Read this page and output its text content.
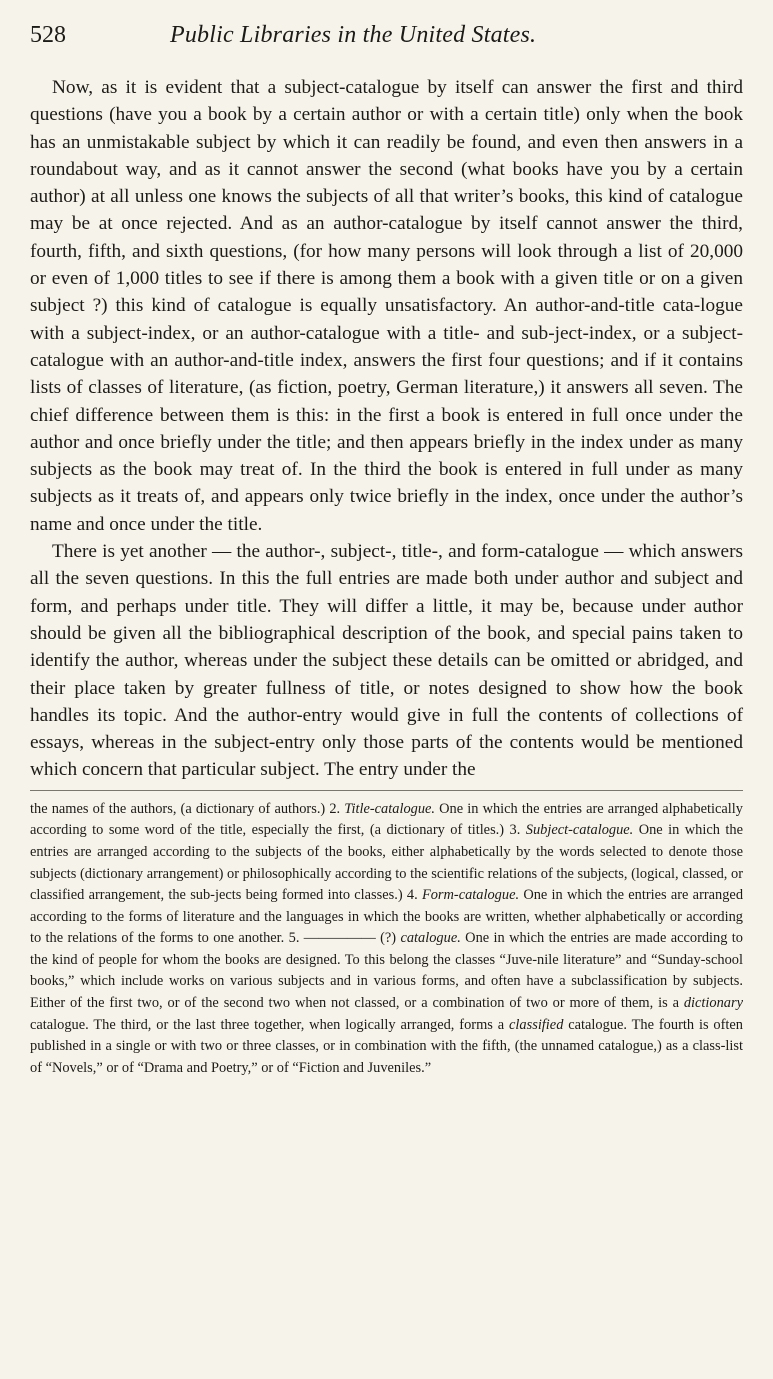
528	Public Libraries in the United States.

Now, as it is evident that a subject-catalogue by itself can answer the first and third questions (have you a book by a certain author or with a certain title) only when the book has an unmistakable subject by which it can readily be found, and even then answers in a roundabout way, and as it cannot answer the second (what books have you by a certain author) at all unless one knows the subjects of all that writer’s books, this kind of catalogue may be at once rejected. And as an author-catalogue by itself cannot answer the third, fourth, fifth, and sixth questions, (for how many persons will look through a list of 20,000 or even of 1,000 titles to see if there is among them a book with a given title or on a given subject ?) this kind of catalogue is equally unsatisfactory. An author-and-title cata-logue with a subject-index, or an author-catalogue with a title- and sub-ject-index, or a subject-catalogue with an author-and-title index, answers the first four questions; and if it contains lists of classes of literature, (as fiction, poetry, German literature,) it answers all seven. The chief difference between them is this: in the first a book is entered in full once under the author and once briefly under the title; and then appears briefly in the index under as many subjects as the book may treat of. In the third the book is entered in full under as many subjects as it treats of, and appears only twice briefly in the index, once under the author’s name and once under the title.

There is yet another — the author-, subject-, title-, and form-catalogue — which answers all the seven questions. In this the full entries are made both under author and subject and form, and perhaps under title. They will differ a little, it may be, because under author should be given all the bibliographical description of the book, and special pains taken to identify the author, whereas under the subject these details can be omitted or abridged, and their place taken by greater fullness of title, or notes designed to show how the book handles its topic. And the author-entry would give in full the contents of collections of essays, whereas in the subject-entry only those parts of the contents would be mentioned which concern that particular subject. The entry under the

the names of the authors, (a dictionary of authors.) 2. Title-catalogue. One in which the entries are arranged alphabetically according to some word of the title, especially the first, (a dictionary of titles.) 3. Subject-catalogue. One in which the entries are arranged according to the subjects of the books, either alphabetically by the words selected to denote those subjects (dictionary arrangement) or philosophically according to the scientific relations of the subjects, (logical, classed, or classified arrangement, the sub-jects being formed into classes.) 4. Form-catalogue. One in which the entries are arranged according to the forms of literature and the languages in which the books are written, whether alphabetically or according to the relations of the forms to one another. 5. ————— (?) catalogue. One in which the entries are made according to the kind of people for whom the books are designed. To this belong the classes “Juve-nile literature” and “Sunday-school books,” which include works on various subjects and in various forms, and often have a subclassification by subjects. Either of the first two, or of the second two when not classed, or a combination of two or more of them, is a dictionary catalogue. The third, or the last three together, when logically arranged, forms a classified catalogue. The fourth is often published in a single or with two or three classes, or in combination with the fifth, (the unnamed catalogue,) as a class-list of “Novels,” or of “Drama and Poetry,” or of “Fiction and Juveniles.”
